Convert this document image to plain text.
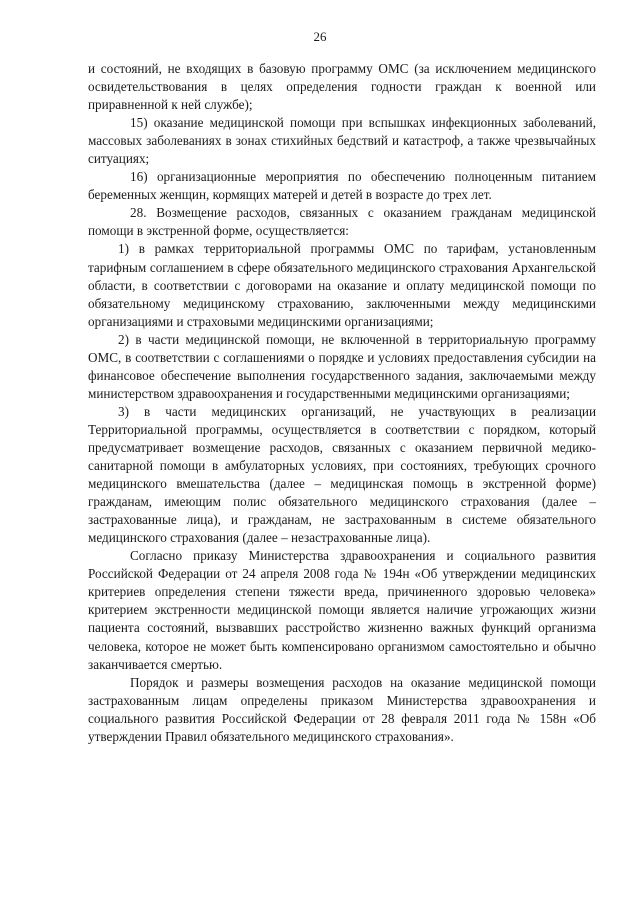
26

и состояний, не входящих в базовую программу ОМС (за исключением медицинского освидетельствования в целях определения годности граждан к военной или приравненной к ней службе);

15) оказание медицинской помощи при вспышках инфекционных заболеваний, массовых заболеваниях в зонах стихийных бедствий и катастроф, а также чрезвычайных ситуациях;

16) организационные мероприятия по обеспечению полноценным питанием беременных женщин, кормящих матерей и детей в возрасте до трех лет.

28. Возмещение расходов, связанных с оказанием гражданам медицинской помощи в экстренной форме, осуществляется:

1) в рамках территориальной программы ОМС по тарифам, установленным тарифным соглашением в сфере обязательного медицинского страхования Архангельской области, в соответствии с договорами на оказание и оплату медицинской помощи по обязательному медицинскому страхованию, заключенными между медицинскими организациями и страховыми медицинскими организациями;

2) в части медицинской помощи, не включенной в территориальную программу ОМС, в соответствии с соглашениями о порядке и условиях предоставления субсидии на финансовое обеспечение выполнения государственного задания, заключаемыми между министерством здравоохранения и государственными медицинскими организациями;

3) в части медицинских организаций, не участвующих в реализации Территориальной программы, осуществляется в соответствии с порядком, который предусматривает возмещение расходов, связанных с оказанием первичной медико-санитарной помощи в амбулаторных условиях, при состояниях, требующих срочного медицинского вмешательства (далее – медицинская помощь в экстренной форме) гражданам, имеющим полис обязательного медицинского страхования (далее – застрахованные лица), и гражданам, не застрахованным в системе обязательного медицинского страхования (далее – незастрахованные лица).

Согласно приказу Министерства здравоохранения и социального развития Российской Федерации от 24 апреля 2008 года № 194н «Об утверждении медицинских критериев определения степени тяжести вреда, причиненного здоровью человека» критерием экстренности медицинской помощи является наличие угрожающих жизни пациента состояний, вызвавших расстройство жизненно важных функций организма человека, которое не может быть компенсировано организмом самостоятельно и обычно заканчивается смертью.

Порядок и размеры возмещения расходов на оказание медицинской помощи застрахованным лицам определены приказом Министерства здравоохранения и социального развития Российской Федерации от 28 февраля 2011 года № 158н «Об утверждении Правил обязательного медицинского страхования».
